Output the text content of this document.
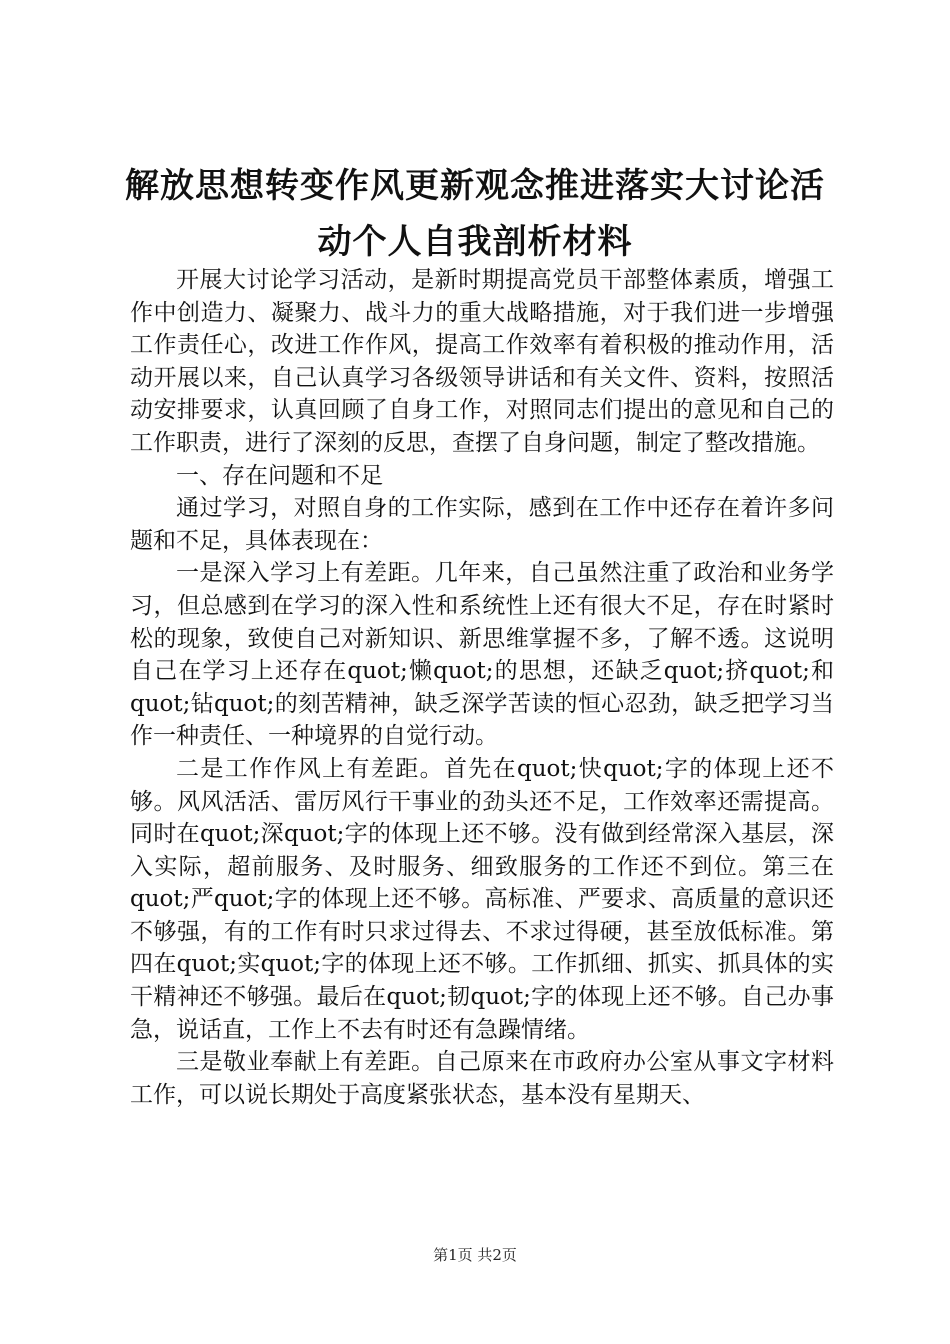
解放思想转变作风更新观念推进落实大讨论活
动个人自我剖析材料

开展大讨论学习活动，是新时期提高党员干部整体素质，增强工作中创造力、凝聚力、战斗力的重大战略措施，对于我们进一步增强工作责任心，改进工作作风，提高工作效率有着积极的推动作用，活动开展以来，自己认真学习各级领导讲话和有关文件、资料，按照活动安排要求，认真回顾了自身工作，对照同志们提出的意见和自己的工作职责，进行了深刻的反思，查摆了自身问题，制定了整改措施。

一、存在问题和不足

通过学习，对照自身的工作实际，感到在工作中还存在着许多问题和不足，具体表现在：

一是深入学习上有差距。几年来，自己虽然注重了政治和业务学习，但总感到在学习的深入性和系统性上还有很大不足，存在时紧时松的现象，致使自己对新知识、新思维掌握不多，了解不透。这说明自己在学习上还存在quot;懒quot;的思想，还缺乏quot;挤quot;和quot;钻quot;的刻苦精神，缺乏深学苦读的恒心忍劲，缺乏把学习当作一种责任、一种境界的自觉行动。

二是工作作风上有差距。首先在quot;快quot;字的体现上还不够。风风活活、雷厉风行干事业的劲头还不足，工作效率还需提高。同时在quot;深quot;字的体现上还不够。没有做到经常深入基层，深入实际，超前服务、及时服务、细致服务的工作还不到位。第三在quot;严quot;字的体现上还不够。高标准、严要求、高质量的意识还不够强，有的工作有时只求过得去、不求过得硬，甚至放低标准。第四在quot;实quot;字的体现上还不够。工作抓细、抓实、抓具体的实干精神还不够强。最后在quot;韧quot;字的体现上还不够。自己办事急，说话直，工作上不去有时还有急躁情绪。

三是敬业奉献上有差距。自己原来在市政府办公室从事文字材料工作，可以说长期处于高度紧张状态，基本没有星期天、

第1页 共2页
